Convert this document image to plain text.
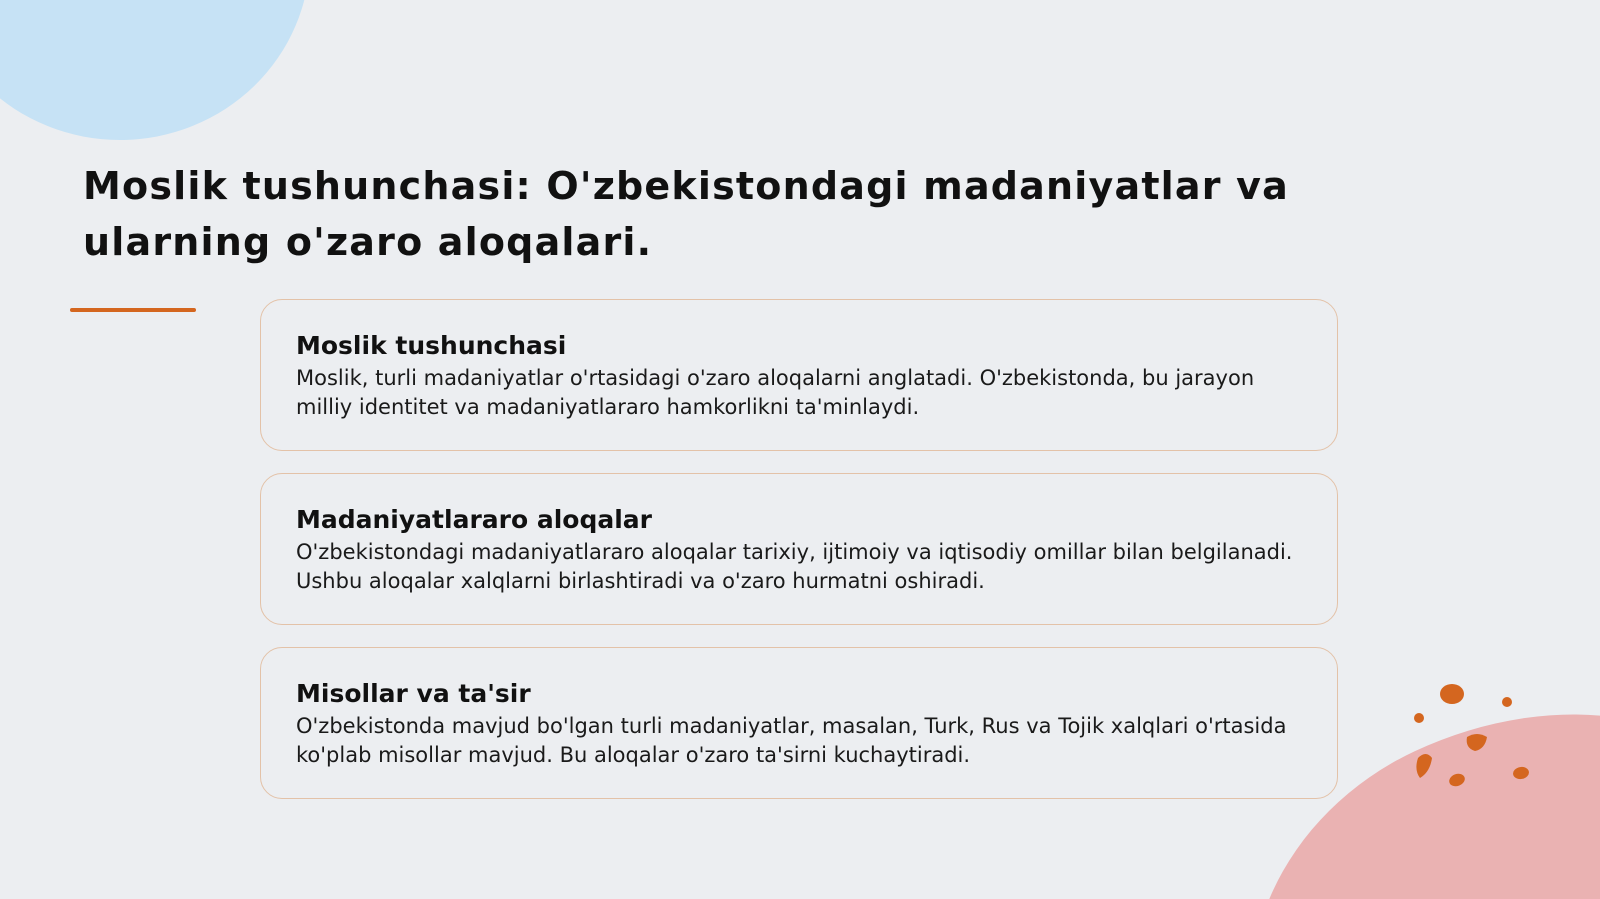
Moslik tushunchasi: O'zbekistondagi madaniyatlar va ularning o'zaro aloqalari.
Moslik tushunchasi

Moslik, turli madaniyatlar o'rtasidagi o'zaro aloqalarni anglatadi. O'zbekistonda, bu jarayon milliy identitet va madaniyatlararo hamkorlikni ta'minlaydi.

Madaniyatlararo aloqalar

O'zbekistondagi madaniyatlararo aloqalar tarixiy, ijtimoiy va iqtisodiy omillar bilan belgilanadi. Ushbu aloqalar xalqlarni birlashtiradi va o'zaro hurmatni oshiradi.

Misollar va ta'sir

O'zbekistonda mavjud bo'lgan turli madaniyatlar, masalan, Turk, Rus va Tojik xalqlari o'rtasida ko'plab misollar mavjud. Bu aloqalar o'zaro ta'sirni kuchaytiradi.
